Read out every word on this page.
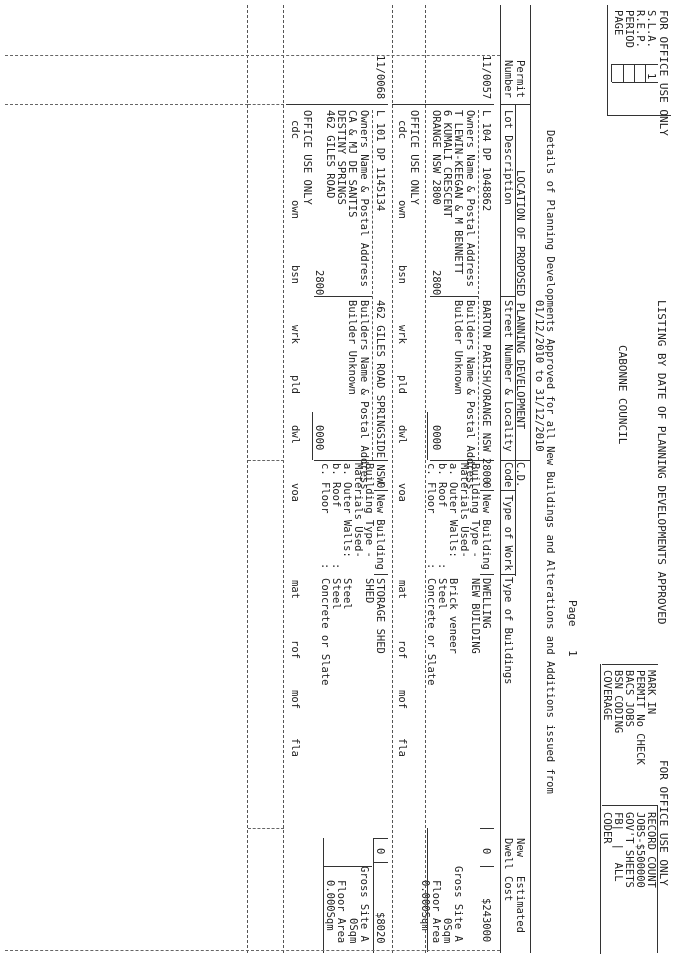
FOR OFFICE USE ONLY
S.L.A.
R.E.P.
PERIOD
PAGE
1
LISTING BY DATE OF PLANNING DEVELOPMENTS APPROVED
CABONNE COUNCIL
Page
1
Details of Planning Developments Approved for all New Buildings and Alterations and Additions issued from
01/12/2010 to 31/12/2010
FOR OFFICE USE ONLY
MARK IN
PERMIT No CHECK
BACS JOBS
BSN CODING
COVERAGE
RECORD COUNT
JOBS-$500000
GOV'T SHEETS
FB|  |  ALL
CODER
Permit
Number
Lot Description
LOCATION OF PROPOSED PLANNING DEVELOPMENT
Street Number & Locality
C.D.
Code
Type of Work
Type of Buildings
New
Dwell
Estimated
Cost
11/0057
L 104 DP 1048862
BARTON PARISH/ORANGE NSW 2800
Owners Name & Postal Address
T LEWIN-KEEGAN & M BENNETT
6 KUMALI CRESCENT
ORANGE NSW 2800
2800
Builders Name & Postal Address
Builder Unknown
0000
0
New Building
DWELLING
Building Type -
NEW BUILDING
Materials Used-
a. Outer Walls:
Brick veneer
b. Roof
:
Steel
c. Floor
:
Concrete or Slate
0
$243000
Gross Site A
0Sqm
Floor Area
0.000Sqm
OFFICE USE ONLY
cdc
own
bsn
wrk
pld
dwl
voa
mat
rof
mof
fla
11/0068
L 101 DP 1145134
462 GILES ROAD SPRINGSIDE NSW
Owners Name & Postal Address
CA & MJ DE SANTIS
DESTINY SPRINGS
462 GILES ROAD
2800
Builders Name & Postal Address
Builder Unknown
0000
0
New Building
STORAGE SHED
Building Type -
SHED
Materials Used-
a. Outer Walls:
Steel
b. Roof
:
Steel
c. Floor
:
Concrete or Slate
0
$8020
Gross Site A
0Sqm
Floor Area
0.000Sqm
OFFICE USE ONLY
cdc
own
bsn
wrk
pld
dwl
voa
mat
rof
mof
fla
